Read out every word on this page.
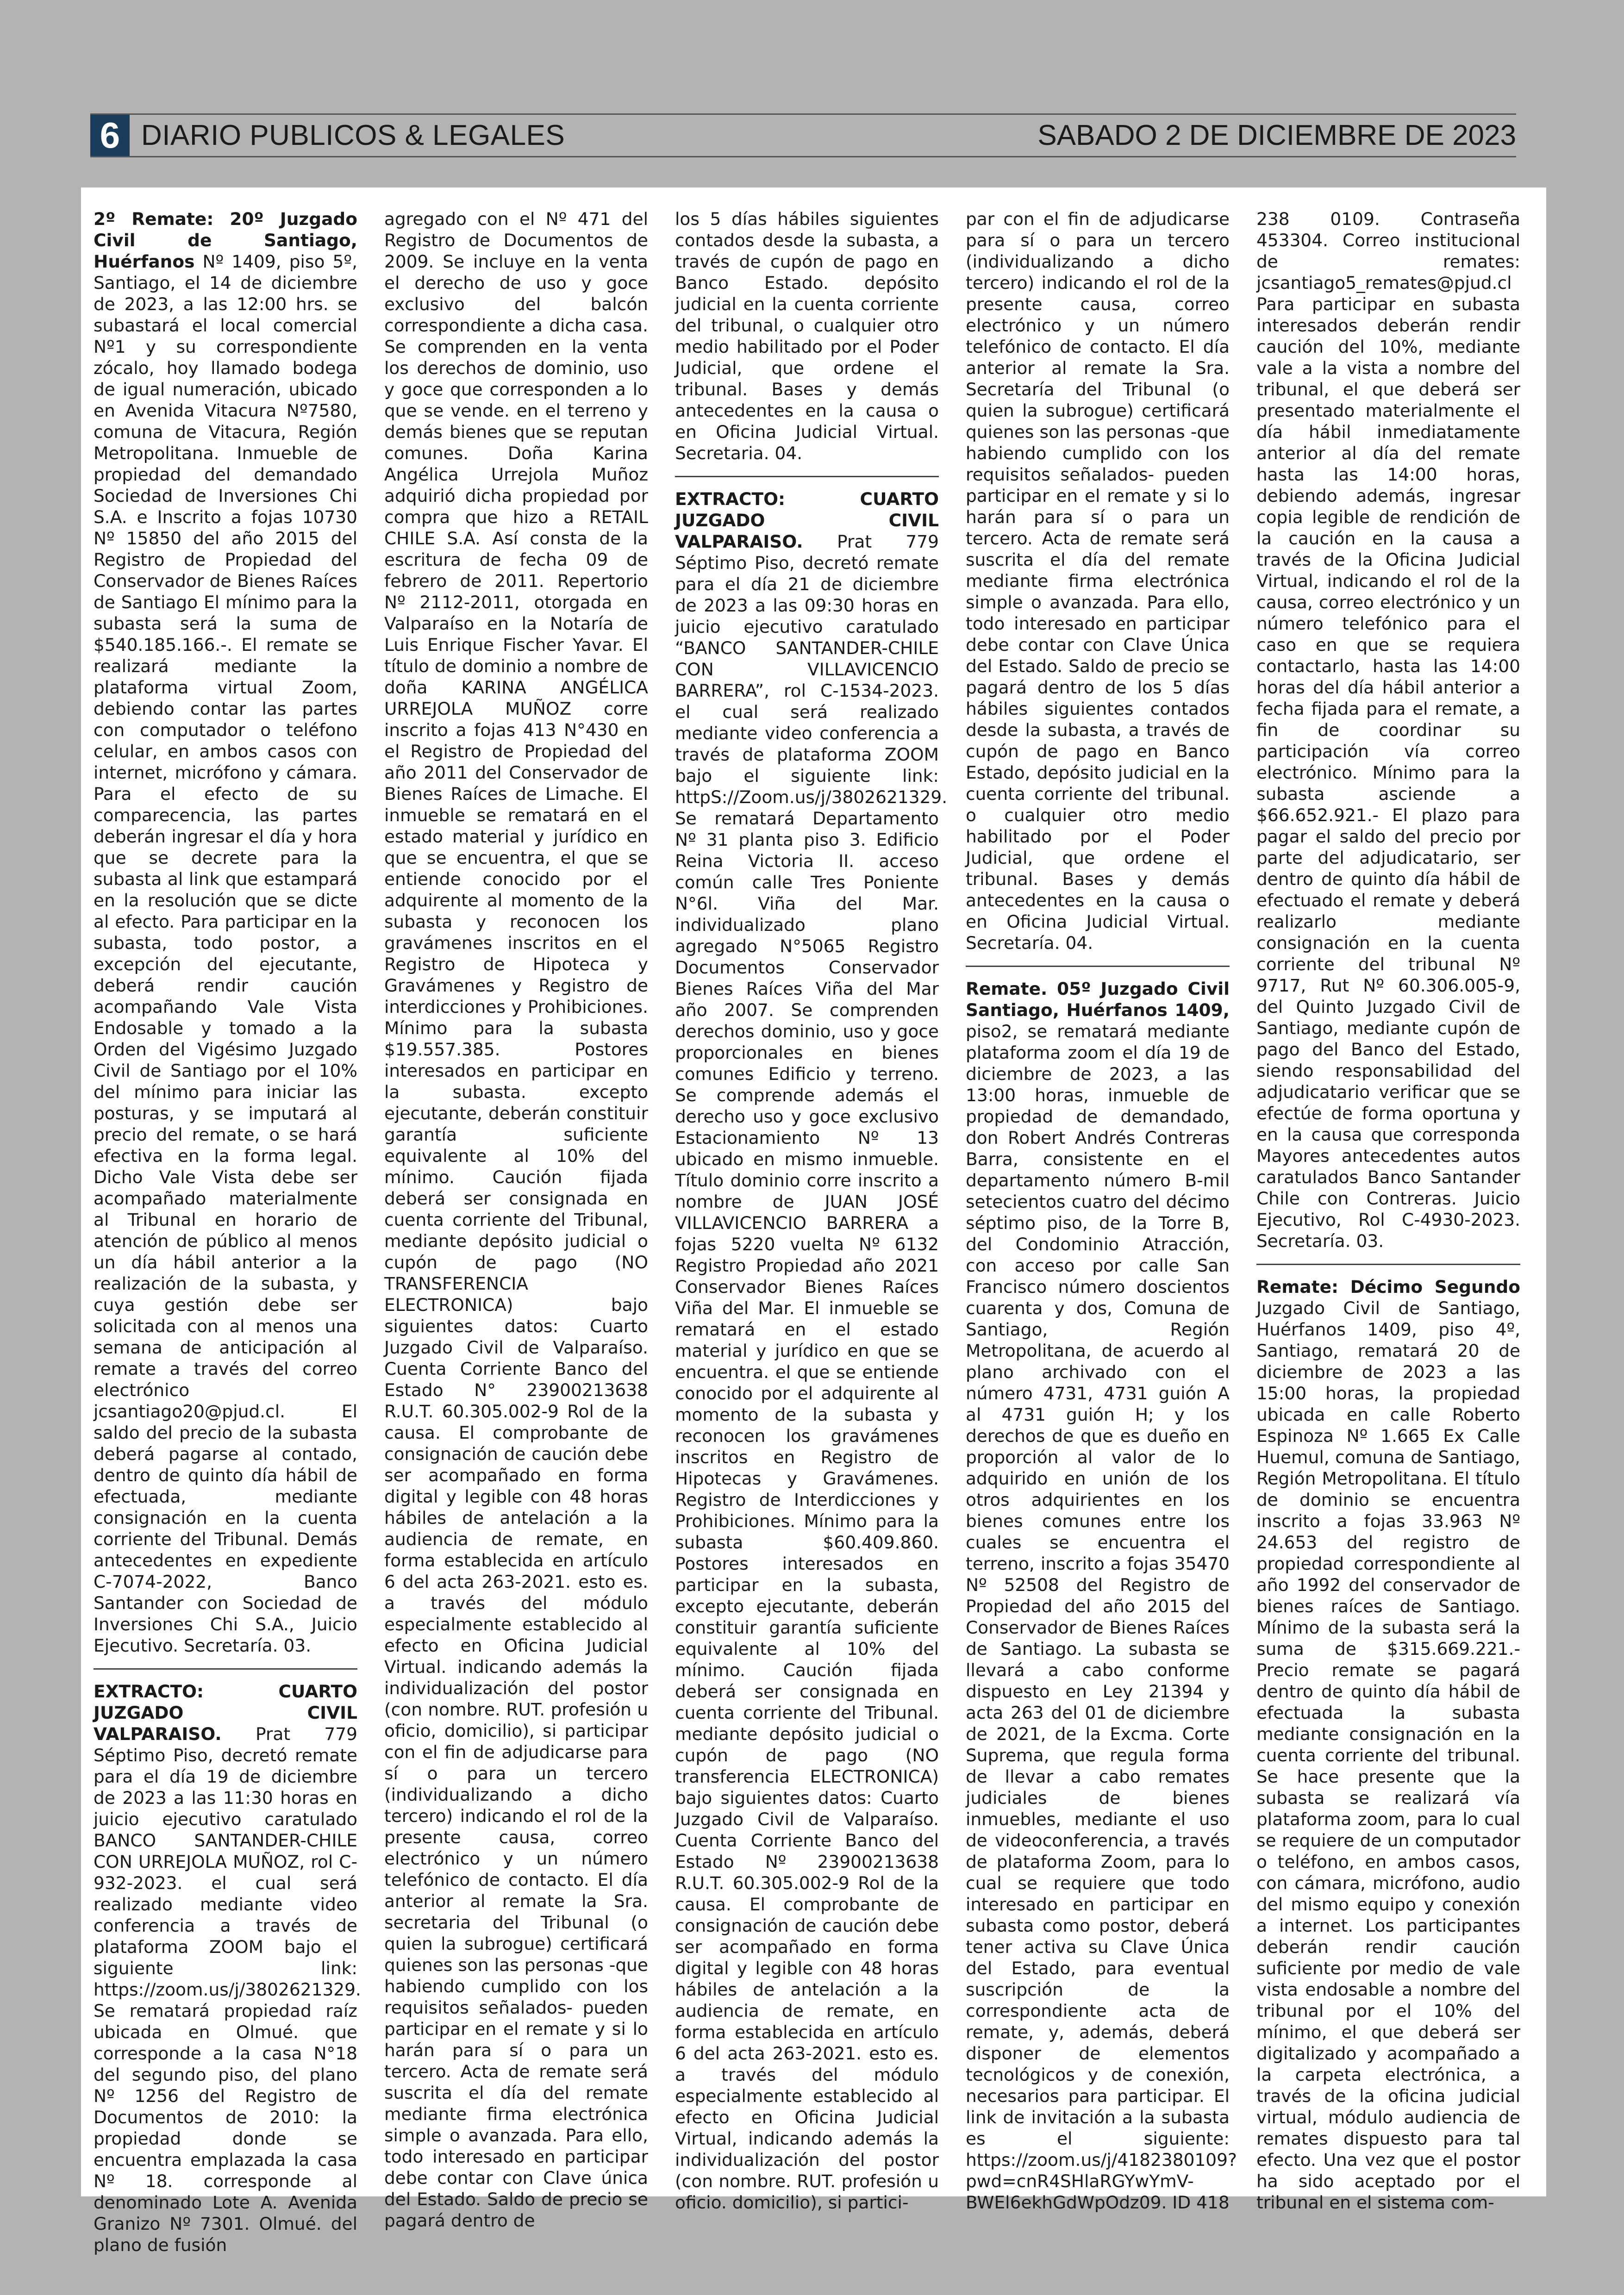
6 DIARIO PUBLICOS & LEGALES	SABADO 2 DE DICIEMBRE DE 2023

2º Remate: 20º Juzgado Civil de Santiago, Huérfanos Nº 1409, piso 5º, Santiago, el 14 de diciembre de 2023, a las 12:00 hrs. se subastará el local comercial Nº1 y su correspondiente zócalo, hoy llamado bodega de igual numeración, ubicado en Avenida Vitacura Nº7580, comuna de Vitacura, Región Metropolitana. Inmueble de propiedad del demandado Sociedad de Inversiones Chi S.A. e Inscrito a fojas 10730 Nº 15850 del año 2015 del Registro de Propiedad del Conservador de Bienes Raíces de Santiago El mínimo para la subasta será la suma de $540.185.166.-. El remate se realizará mediante la plataforma virtual Zoom, debiendo contar las partes con computador o teléfono celular, en ambos casos con internet, micrófono y cámara. Para el efecto de su comparecencia, las partes deberán ingresar el día y hora que se decrete para la subasta al link que estampará en la resolución que se dicte al efecto. Para participar en la subasta, todo postor, a excepción del ejecutante, deberá rendir caución acompañando Vale Vista Endosable y tomado a la Orden del Vigésimo Juzgado Civil de Santiago por el 10% del mínimo para iniciar las posturas, y se imputará al precio del remate, o se hará efectiva en la forma legal. Dicho Vale Vista debe ser acompañado materialmente al Tribunal en horario de atención de público al menos un día hábil anterior a la realización de la subasta, y cuya gestión debe ser solicitada con al menos una semana de anticipación al remate a través del correo electrónico jcsantiago20@pjud.cl. El saldo del precio de la subasta deberá pagarse al contado, dentro de quinto día hábil de efectuada, mediante consignación en la cuenta corriente del Tribunal. Demás antecedentes en expediente C-7074-2022, Banco Santander con Sociedad de Inversiones Chi S.A., Juicio Ejecutivo. Secretaría. 03.

EXTRACTO: CUARTO JUZGADO CIVIL VALPARAISO. Prat 779 Séptimo Piso, decretó remate para el día 19 de diciembre de 2023 a las 11:30 horas en juicio ejecutivo caratulado BANCO SANTANDER-CHILE CON URREJOLA MUÑOZ, rol C-932-2023. el cual será realizado mediante video conferencia a través de plataforma ZOOM bajo el siguiente link: https://zoom.us/j/3802621329. Se rematará propiedad raíz ubicada en Olmué. que corresponde a la casa N°18 del segundo piso, del plano Nº 1256 del Registro de Documentos de 2010: la propiedad donde se encuentra emplazada la casa Nº 18. corresponde al denominado Lote A. Avenida Granizo Nº 7301. Olmué. del plano de fusión

agregado con el Nº 471 del Registro de Documentos de 2009. Se incluye en la venta el derecho de uso y goce exclusivo del balcón correspondiente a dicha casa. Se comprenden en la venta los derechos de dominio, uso y goce que corresponden a lo que se vende. en el terreno y demás bienes que se reputan comunes. Doña Karina Angélica Urrejola Muñoz adquirió dicha propiedad por compra que hizo a RETAIL CHILE S.A. Así consta de la escritura de fecha 09 de febrero de 2011. Repertorio Nº 2112-2011, otorgada en Valparaíso en la Notaría de Luis Enrique Fischer Yavar. El título de dominio a nombre de doña KARINA ANGÉLICA URREJOLA MUÑOZ corre inscrito a fojas 413 N°430 en el Registro de Propiedad del año 2011 del Conservador de Bienes Raíces de Limache. El inmueble se rematará en el estado material y jurídico en que se encuentra, el que se entiende conocido por el adquirente al momento de la subasta y reconocen los gravámenes inscritos en el Registro de Hipoteca y Gravámenes y Registro de interdicciones y Prohibiciones. Mínimo para la subasta $19.557.385. Postores interesados en participar en la subasta. excepto ejecutante, deberán constituir garantía suficiente equivalente al 10% del mínimo. Caución fijada deberá ser consignada en cuenta corriente del Tribunal, mediante depósito judicial o cupón de pago (NO TRANSFERENCIA ELECTRONICA) bajo siguientes datos: Cuarto Juzgado Civil de Valparaíso. Cuenta Corriente Banco del Estado N° 23900213638 R.U.T. 60.305.002-9 Rol de la causa. El comprobante de consignación de caución debe ser acompañado en forma digital y legible con 48 horas hábiles de antelación a la audiencia de remate, en forma establecida en artículo 6 del acta 263-2021. esto es. a través del módulo especialmente establecido al efecto en Oficina Judicial Virtual. indicando además la individualización del postor (con nombre. RUT. profesión u oficio, domicilio), si participar con el fin de adjudicarse para sí o para un tercero (individualizando a dicho tercero) indicando el rol de la presente causa, correo electrónico y un número telefónico de contacto. El día anterior al remate la Sra. secretaria del Tribunal (o quien la subrogue) certificará quienes son las personas -que habiendo cumplido con los requisitos señalados- pueden participar en el remate y si lo harán para sí o para un tercero. Acta de remate será suscrita el día del remate mediante firma electrónica simple o avanzada. Para ello, todo interesado en participar debe contar con Clave única del Estado. Saldo de precio se pagará dentro de

los 5 días hábiles siguientes contados desde la subasta, a través de cupón de pago en Banco Estado. depósito judicial en la cuenta corriente del tribunal, o cualquier otro medio habilitado por el Poder Judicial, que ordene el tribunal. Bases y demás antecedentes en la causa o en Oficina Judicial Virtual. Secretaria. 04.

EXTRACTO: CUARTO JUZGADO CIVIL VALPARAISO. Prat 779 Séptimo Piso, decretó remate para el día 21 de diciembre de 2023 a las 09:30 horas en juicio ejecutivo caratulado “BANCO SANTANDER-CHILE CON VILLAVICENCIO BARRERA”, rol C-1534-2023. el cual será realizado mediante video conferencia a través de plataforma ZOOM bajo el siguiente link: httpS://Zoom.us/j/3802621329. Se rematará Departamento Nº 31 planta piso 3. Edificio Reina Victoria II. acceso común calle Tres Poniente N°6l. Viña del Mar. individualizado plano agregado N°5065 Registro Documentos Conservador Bienes Raíces Viña del Mar año 2007. Se comprenden derechos dominio, uso y goce proporcionales en bienes comunes Edificio y terreno. Se comprende además el derecho uso y goce exclusivo Estacionamiento Nº 13 ubicado en mismo inmueble. Título dominio corre inscrito a nombre de JUAN JOSÉ VILLAVICENCIO BARRERA a fojas 5220 vuelta Nº 6132 Registro Propiedad año 2021 Conservador Bienes Raíces Viña del Mar. El inmueble se rematará en el estado material y jurídico en que se encuentra. el que se entiende conocido por el adquirente al momento de la subasta y reconocen los gravámenes inscritos en Registro de Hipotecas y Gravámenes. Registro de Interdicciones y Prohibiciones. Mínimo para la subasta $60.409.860. Postores interesados en participar en la subasta, excepto ejecutante, deberán constituir garantía suficiente equivalente al 10% del mínimo. Caución fijada deberá ser consignada en cuenta corriente del Tribunal. mediante depósito judicial o cupón de pago (NO transferencia ELECTRONICA) bajo siguientes datos: Cuarto Juzgado Civil de Valparaíso. Cuenta Corriente Banco del Estado Nº 23900213638 R.U.T. 60.305.002-9 Rol de la causa. El comprobante de consignación de caución debe ser acompañado en forma digital y legible con 48 horas hábiles de antelación a la audiencia de remate, en forma establecida en artículo 6 del acta 263-2021. esto es. a través del módulo especialmente establecido al efecto en Oficina Judicial Virtual, indicando además la individualización del postor (con nombre. RUT. profesión u oficio. domicilio), si partici-

par con el fin de adjudicarse para sí o para un tercero (individualizando a dicho tercero) indicando el rol de la presente causa, correo electrónico y un número telefónico de contacto. El día anterior al remate la Sra. Secretaría del Tribunal (o quien la subrogue) certificará quienes son las personas -que habiendo cumplido con los requisitos señalados- pueden participar en el remate y si lo harán para sí o para un tercero. Acta de remate será suscrita el día del remate mediante firma electrónica simple o avanzada. Para ello, todo interesado en participar debe contar con Clave Única del Estado. Saldo de precio se pagará dentro de los 5 días hábiles siguientes contados desde la subasta, a través de cupón de pago en Banco Estado, depósito judicial en la cuenta corriente del tribunal. o cualquier otro medio habilitado por el Poder Judicial, que ordene el tribunal. Bases y demás antecedentes en la causa o en Oficina Judicial Virtual. Secretaría. 04.

Remate. 05º Juzgado Civil Santiago, Huérfanos 1409, piso2, se rematará mediante plataforma zoom el día 19 de diciembre de 2023, a las 13:00 horas, inmueble de propiedad de demandado, don Robert Andrés Contreras Barra, consistente en el departamento número B-mil setecientos cuatro del décimo séptimo piso, de la Torre B, del Condominio Atracción, con acceso por calle San Francisco número doscientos cuarenta y dos, Comuna de Santiago, Región Metropolitana, de acuerdo al plano archivado con el número 4731, 4731 guión A al 4731 guión H; y los derechos de que es dueño en proporción al valor de lo adquirido en unión de los otros adquirientes en los bienes comunes entre los cuales se encuentra el terreno, inscrito a fojas 35470 Nº 52508 del Registro de Propiedad del año 2015 del Conservador de Bienes Raíces de Santiago. La subasta se llevará a cabo conforme dispuesto en Ley 21394 y acta 263 del 01 de diciembre de 2021, de la Excma. Corte Suprema, que regula forma de llevar a cabo remates judiciales de bienes inmuebles, mediante el uso de videoconferencia, a través de plataforma Zoom, para lo cual se requiere que todo interesado en participar en subasta como postor, deberá tener activa su Clave Única del Estado, para eventual suscripción de la correspondiente acta de remate, y, además, deberá disponer de elementos tecnológicos y de conexión, necesarios para participar. El link de invitación a la subasta es el siguiente: https://zoom.us/j/4182380109?pwd=cnR4SHlaRGYwYmV-BWEl6ekhGdWpOdz09. ID 418

238 0109. Contraseña 453304. Correo institucional de remates: jcsantiago5_remates@pjud.cl Para participar en subasta interesados deberán rendir caución del 10%, mediante vale a la vista a nombre del tribunal, el que deberá ser presentado materialmente el día hábil inmediatamente anterior al día del remate hasta las 14:00 horas, debiendo además, ingresar copia legible de rendición de la caución en la causa a través de la Oficina Judicial Virtual, indicando el rol de la causa, correo electrónico y un número telefónico para el caso en que se requiera contactarlo, hasta las 14:00 horas del día hábil anterior a fecha fijada para el remate, a fin de coordinar su participación vía correo electrónico. Mínimo para la subasta asciende a $66.652.921.- El plazo para pagar el saldo del precio por parte del adjudicatario, ser dentro de quinto día hábil de efectuado el remate y deberá realizarlo mediante consignación en la cuenta corriente del tribunal Nº 9717, Rut Nº 60.306.005-9, del Quinto Juzgado Civil de Santiago, mediante cupón de pago del Banco del Estado, siendo responsabilidad del adjudicatario verificar que se efectúe de forma oportuna y en la causa que corresponda Mayores antecedentes autos caratulados Banco Santander Chile con Contreras. Juicio Ejecutivo, Rol C-4930-2023. Secretaría. 03.

Remate: Décimo Segundo Juzgado Civil de Santiago, Huérfanos 1409, piso 4º, Santiago, rematará 20 de diciembre de 2023 a las 15:00 horas, la propiedad ubicada en calle Roberto Espinoza Nº 1.665 Ex Calle Huemul, comuna de Santiago, Región Metropolitana. El título de dominio se encuentra inscrito a fojas 33.963 Nº 24.653 del registro de propiedad correspondiente al año 1992 del conservador de bienes raíces de Santiago. Mínimo de la subasta será la suma de $315.669.221.- Precio remate se pagará dentro de quinto día hábil de efectuada la subasta mediante consignación en la cuenta corriente del tribunal. Se hace presente que la subasta se realizará vía plataforma zoom, para lo cual se requiere de un computador o teléfono, en ambos casos, con cámara, micrófono, audio del mismo equipo y conexión a internet. Los participantes deberán rendir caución suficiente por medio de vale vista endosable a nombre del tribunal por el 10% del mínimo, el que deberá ser digitalizado y acompañado a la carpeta electrónica, a través de la oficina judicial virtual, módulo audiencia de remates dispuesto para tal efecto. Una vez que el postor ha sido aceptado por el tribunal en el sistema com-
